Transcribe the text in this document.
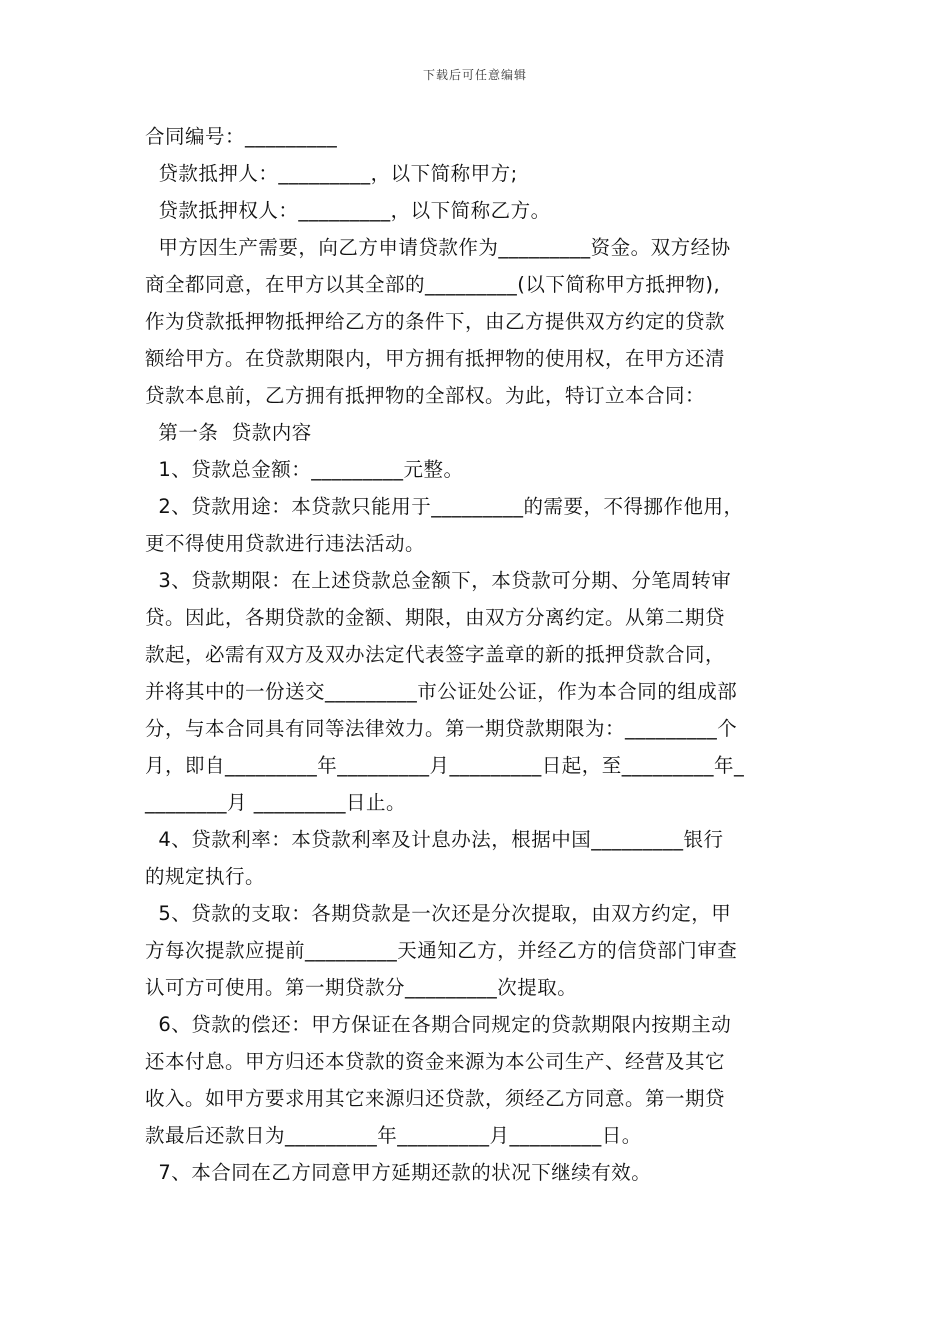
下载后可任意编辑
合同编号：_________
贷款抵押人：_________，以下简称甲方;
贷款抵押权人：_________，以下简称乙方。
甲方因生产需要，向乙方申请贷款作为_________资金。双方经协
商全都同意，在甲方以其全部的_________(以下简称甲方抵押物),
作为贷款抵押物抵押给乙方的条件下，由乙方提供双方约定的贷款
额给甲方。在贷款期限内，甲方拥有抵押物的使用权，在甲方还清
贷款本息前，乙方拥有抵押物的全部权。为此，特订立本合同：
第一条  贷款内容
1、贷款总金额：_________元整。
2、贷款用途：本贷款只能用于_________的需要，不得挪作他用，
更不得使用贷款进行违法活动。
3、贷款期限：在上述贷款总金额下，本贷款可分期、分笔周转审
贷。因此，各期贷款的金额、期限，由双方分离约定。从第二期贷
款起，必需有双方及双办法定代表签字盖章的新的抵押贷款合同，
并将其中的一份送交_________市公证处公证，作为本合同的组成部
分，与本合同具有同等法律效力。第一期贷款期限为：_________个
月，即自_________年_________月_________日起，至_________年_
________月 _________日止。
4、贷款利率：本贷款利率及计息办法，根据中国_________银行
的规定执行。
5、贷款的支取：各期贷款是一次还是分次提取，由双方约定，甲
方每次提款应提前_________天通知乙方，并经乙方的信贷部门审查
认可方可使用。第一期贷款分_________次提取。
6、贷款的偿还：甲方保证在各期合同规定的贷款期限内按期主动
还本付息。甲方归还本贷款的资金来源为本公司生产、经营及其它
收入。如甲方要求用其它来源归还贷款，须经乙方同意。第一期贷
款最后还款日为_________年_________月_________日。
7、本合同在乙方同意甲方延期还款的状况下继续有效。
